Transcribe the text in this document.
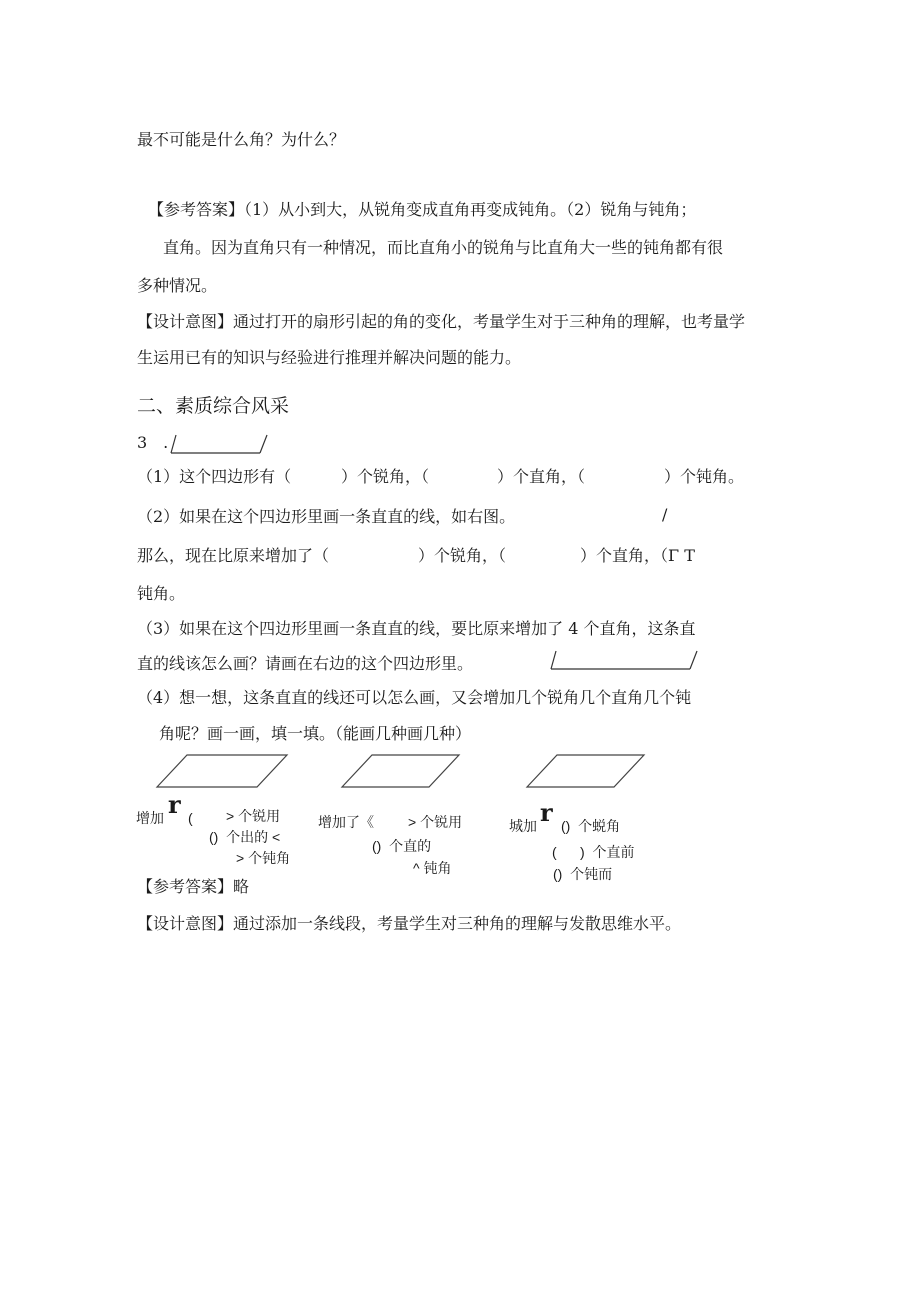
最不可能是什么角？为什么？
【参考答案】（1）从小到大，从锐角变成直角再变成钝角。（2）锐角与钝角；
直角。因为直角只有一种情况，而比直角小的锐角与比直角大一些的钝角都有很
多种情况。
【设计意图】通过打开的扇形引起的角的变化，考量学生对于三种角的理解，也考量学
生运用已有的知识与经验进行推理并解决问题的能力。
二、素质综合风采
3　.
（1）这个四边形有（	）个锐角，（	）个直角，（	）个钝角。
（2）如果在这个四边形里画一条直直的线，如右图。	/
那么，现在比原来增加了（	）个锐角，（	）个直角，（Γ T
钝角。
（3）如果在这个四边形里画一条直直的线，要比原来增加了 4 个直角，这条直
直的线该怎么画？请画在右边的这个四边形里。
（4）想一想，这条直直的线还可以怎么画，又会增加几个锐角几个直角几个钝
角呢？画一画，填一填。（能画几种画几种）
增加 r ( > 个锐用
()  个出的 <
> 个钝角
增加了《 > 个锐用
()  个直的
^ 钝角
城加 r ()  个蜕角
(      )  个直前
()  个钝而
【参考答案】略
【设计意图】通过添加一条线段，考量学生对三种角的理解与发散思维水平。
